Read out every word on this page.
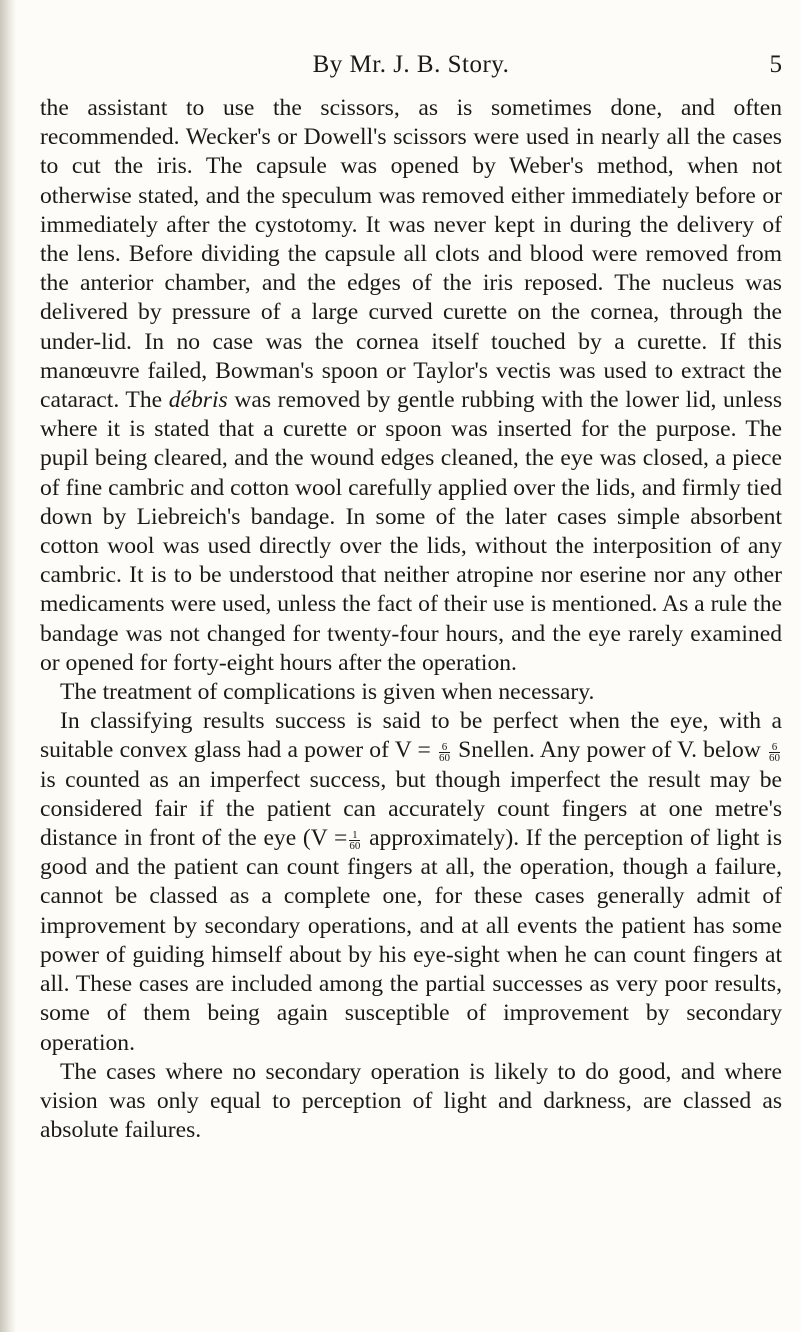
By Mr. J. B. Story.	5

the assistant to use the scissors, as is sometimes done, and often recommended. Wecker's or Dowell's scissors were used in nearly all the cases to cut the iris. The capsule was opened by Weber's method, when not otherwise stated, and the speculum was removed either immediately before or immediately after the cystotomy. It was never kept in during the delivery of the lens. Before dividing the capsule all clots and blood were removed from the anterior chamber, and the edges of the iris reposed. The nucleus was delivered by pressure of a large curved curette on the cornea, through the under-lid. In no case was the cornea itself touched by a curette. If this manœuvre failed, Bowman's spoon or Taylor's vectis was used to extract the cataract. The débris was removed by gentle rubbing with the lower lid, unless where it is stated that a curette or spoon was inserted for the purpose. The pupil being cleared, and the wound edges cleaned, the eye was closed, a piece of fine cambric and cotton wool carefully applied over the lids, and firmly tied down by Liebreich's bandage. In some of the later cases simple absorbent cotton wool was used directly over the lids, without the interposition of any cambric. It is to be understood that neither atropine nor eserine nor any other medicaments were used, unless the fact of their use is mentioned. As a rule the bandage was not changed for twenty-four hours, and the eye rarely examined or opened for forty-eight hours after the operation.

The treatment of complications is given when necessary.

In classifying results success is said to be perfect when the eye, with a suitable convex glass had a power of $V = \frac{6}{60}$ Snellen. Any power of V. below $\frac{6}{60}$
is counted as an imperfect success, but though imperfect the result may be considered fair if the patient can accurately count fingers at one metre's distance in front of the eye ($V = \frac{1}{60}$ approximately). If the perception of light is good and the patient can count fingers at all, the operation, though a failure, cannot be classed as a complete one, for these cases generally admit of improvement by secondary operations, and at all events the patient has some power of guiding himself about by his eye-sight when he can count fingers at all. These cases are included among the partial successes as very poor results, some of them being again susceptible of improvement by secondary operation.

The cases where no secondary operation is likely to do good, and where vision was only equal to perception of light and darkness, are classed as absolute failures.
